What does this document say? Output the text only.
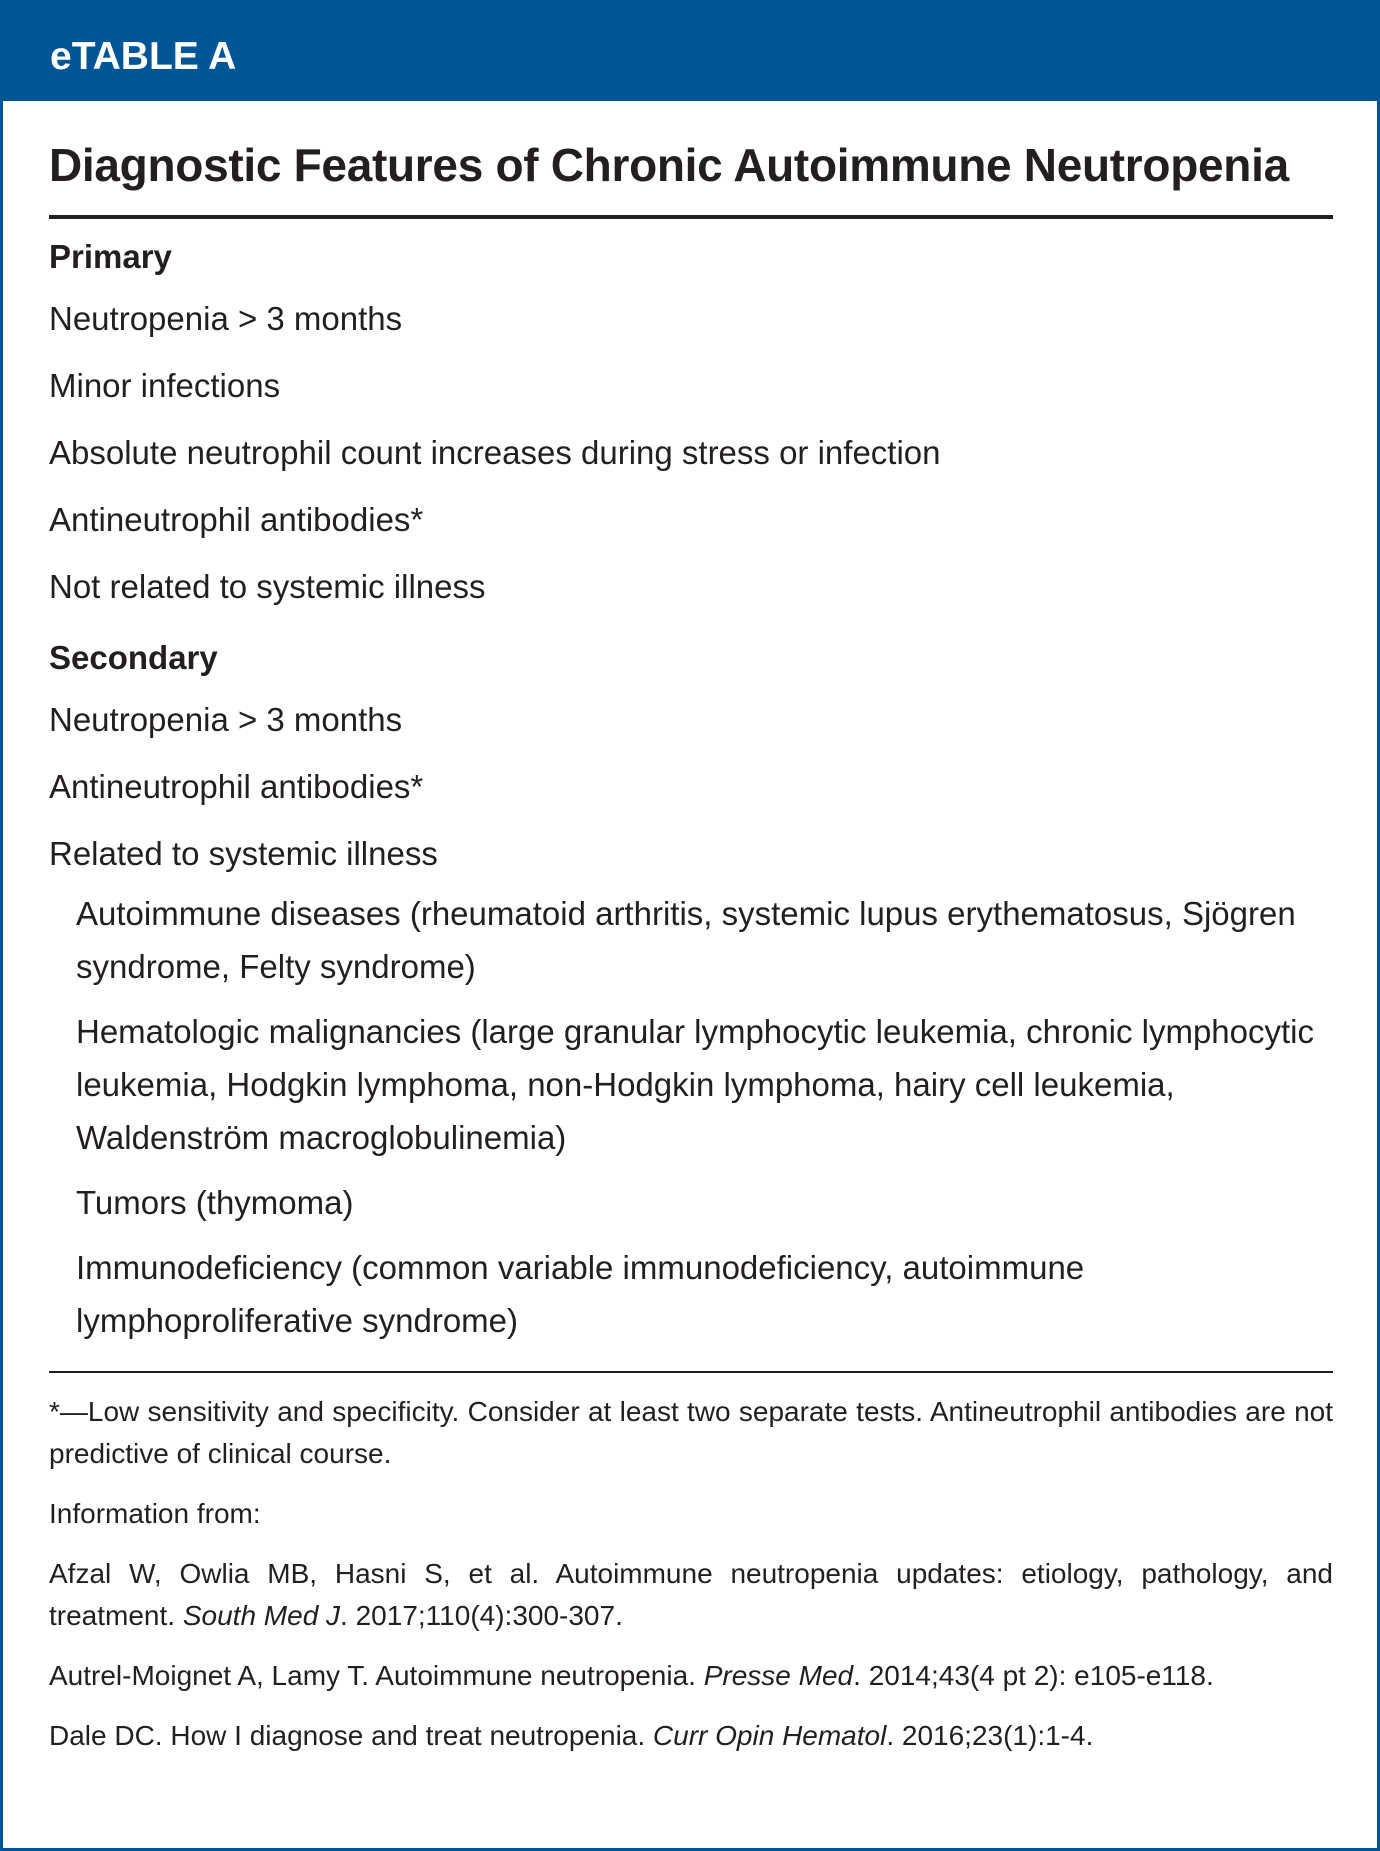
eTABLE A
Diagnostic Features of Chronic Autoimmune Neutropenia
Primary
Neutropenia > 3 months
Minor infections
Absolute neutrophil count increases during stress or infection
Antineutrophil antibodies*
Not related to systemic illness
Secondary
Neutropenia > 3 months
Antineutrophil antibodies*
Related to systemic illness
Autoimmune diseases (rheumatoid arthritis, systemic lupus erythematosus, Sjögren syndrome, Felty syndrome)
Hematologic malignancies (large granular lymphocytic leukemia, chronic lymphocytic leukemia, Hodgkin lymphoma, non-Hodgkin lymphoma, hairy cell leukemia, Waldenström macroglobulinemia)
Tumors (thymoma)
Immunodeficiency (common variable immunodeficiency, autoimmune lymphoproliferative syndrome)
*—Low sensitivity and specificity. Consider at least two separate tests. Antineutrophil antibodies are not predictive of clinical course.
Information from:
Afzal W, Owlia MB, Hasni S, et al. Autoimmune neutropenia updates: etiology, pathology, and treatment. South Med J. 2017;110(4):300-307.
Autrel-Moignet A, Lamy T. Autoimmune neutropenia. Presse Med. 2014;43(4 pt 2): e105-e118.
Dale DC. How I diagnose and treat neutropenia. Curr Opin Hematol. 2016;23(1):1-4.
